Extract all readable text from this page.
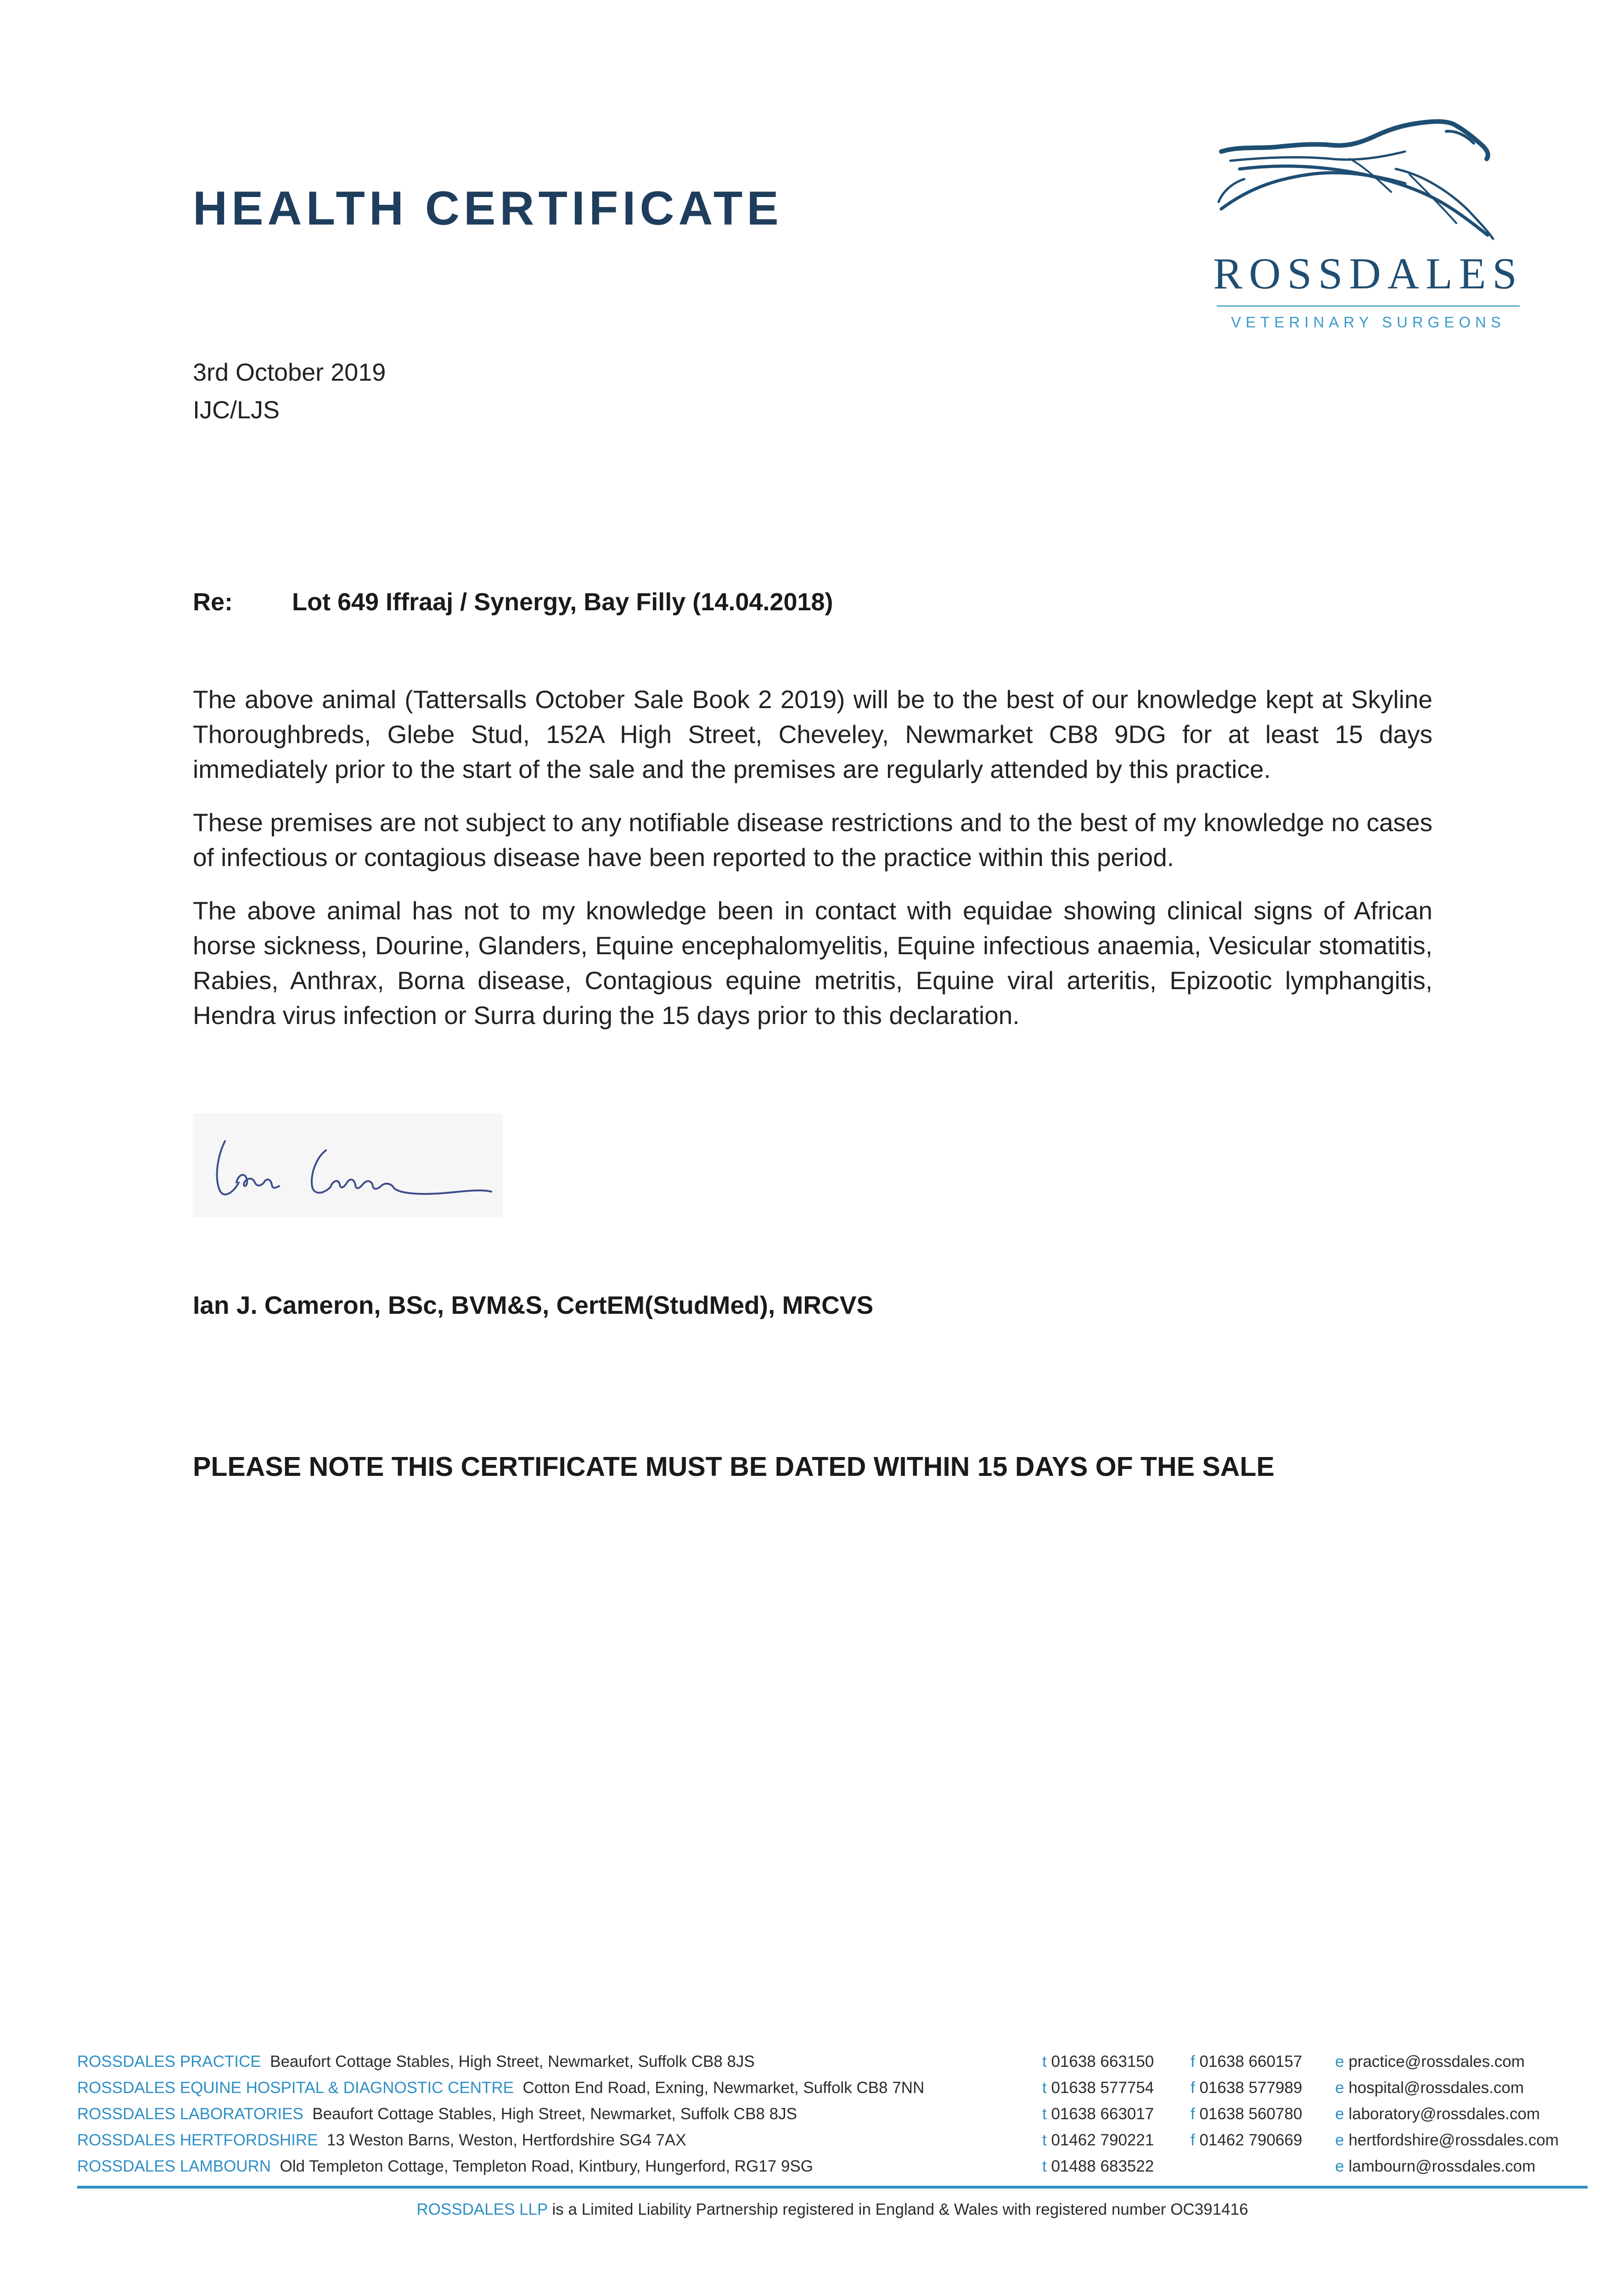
HEALTH CERTIFICATE
ROSSDALES
VETERINARY SURGEONS
3rd October 2019
IJC/LJS
Re: Lot 649 Iffraaj / Synergy, Bay Filly (14.04.2018)

The above animal (Tattersalls October Sale Book 2 2019) will be to the best of our knowledge kept at Skyline Thoroughbreds, Glebe Stud, 152A High Street, Cheveley, Newmarket CB8 9DG for at least 15 days immediately prior to the start of the sale and the premises are regularly attended by this practice.

These premises are not subject to any notifiable disease restrictions and to the best of my knowledge no cases of infectious or contagious disease have been reported to the practice within this period.

The above animal has not to my knowledge been in contact with equidae showing clinical signs of African horse sickness, Dourine, Glanders, Equine encephalomyelitis, Equine infectious anaemia, Vesicular stomatitis, Rabies, Anthrax, Borna disease, Contagious equine metritis, Equine viral arteritis, Epizootic lymphangitis, Hendra virus infection or Surra during the 15 days prior to this declaration.

Ian J. Cameron, BSc, BVM&S, CertEM(StudMed), MRCVS
PLEASE NOTE THIS CERTIFICATE MUST BE DATED WITHIN 15 DAYS OF THE SALE
ROSSDALES PRACTICE Beaufort Cottage Stables, High Street, Newmarket, Suffolk CB8 8JS	t 01638 663150 f 01638 660157 e practice@rossdales.com
ROSSDALES EQUINE HOSPITAL & DIAGNOSTIC CENTRE Cotton End Road, Exning, Newmarket, Suffolk CB8 7NN	t 01638 577754 f 01638 577989 e hospital@rossdales.com
ROSSDALES LABORATORIES Beaufort Cottage Stables, High Street, Newmarket, Suffolk CB8 8JS	t 01638 663017 f 01638 560780 e laboratory@rossdales.com
ROSSDALES HERTFORDSHIRE 13 Weston Barns, Weston, Hertfordshire SG4 7AX	t 01462 790221 f 01462 790669 e hertfordshire@rossdales.com
ROSSDALES LAMBOURN Old Templeton Cottage, Templeton Road, Kintbury, Hungerford, RG17 9SG	t 01488 683522	e lambourn@rossdales.com
ROSSDALES LLP is a Limited Liability Partnership registered in England & Wales with registered number OC391416
